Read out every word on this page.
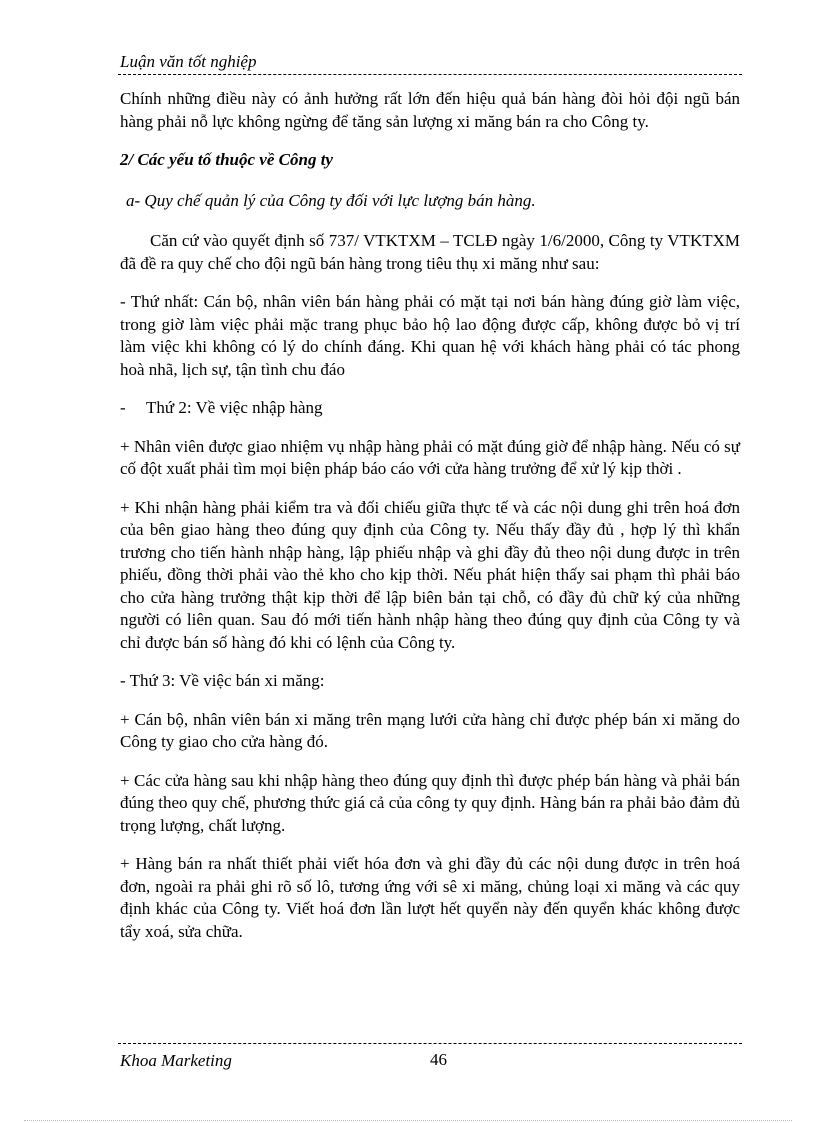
Luận văn tốt nghiệp

Chính những điều này có ảnh hưởng rất lớn đến hiệu quả bán hàng đòi hỏi đội ngũ bán hàng phải nỗ lực không ngừng để tăng sản lượng xi măng bán ra cho Công ty.

2/ Các yếu tố thuộc về Công ty

a- Quy chế quản lý của Công ty đối với lực lượng bán hàng.

Căn cứ vào quyết định số 737/ VTKTXM – TCLĐ ngày 1/6/2000, Công ty VTKTXM đã đề ra quy chế cho đội ngũ bán hàng trong tiêu thụ xi măng như sau:

- Thứ nhất: Cán bộ, nhân viên bán hàng phải có mặt tại nơi bán hàng đúng giờ làm việc, trong giờ làm việc phải mặc trang phục bảo hộ lao động được cấp, không được bỏ vị trí làm việc khi không có lý do chính đáng. Khi quan hệ với khách hàng phải có tác phong hoà nhã, lịch sự, tận tình chu đáo

-	Thứ 2: Về việc nhập hàng

+ Nhân viên được giao nhiệm vụ nhập hàng phải có mặt đúng giờ để nhập hàng. Nếu có sự cố đột xuất phải tìm mọi biện pháp báo cáo với cửa hàng trưởng để xử lý kịp thời .

+ Khi nhận hàng phải kiểm tra và đối chiếu giữa thực tế và các nội dung ghi trên hoá đơn của bên giao hàng theo đúng quy định của Công ty. Nếu thấy đầy đủ , hợp lý thì khẩn trương cho tiến hành nhập hàng, lập phiếu nhập và ghi đầy đủ theo nội dung được in trên phiếu, đồng thời phải vào thẻ kho cho kịp thời. Nếu phát hiện thấy sai phạm thì phải báo cho cửa hàng trưởng thật kịp thời để lập biên bản tại chỗ, có đầy đủ chữ ký của những người có liên quan. Sau đó mới tiến hành nhập hàng theo đúng quy định của Công ty và chỉ được bán số hàng đó khi có lệnh của Công ty.

- Thứ 3: Về việc bán xi măng:

+ Cán bộ, nhân viên bán xi măng trên mạng lưới cửa hàng chỉ được phép bán xi măng do Công ty giao cho cửa hàng đó.

+ Các cửa hàng sau khi nhập hàng theo đúng quy định thì được phép bán hàng và phải bán đúng theo quy chế, phương thức giá cả của công ty quy định. Hàng bán ra phải bảo đảm đủ trọng lượng, chất lượng.

+ Hàng bán ra nhất thiết phải viết hóa đơn và ghi đầy đủ các nội dung được in trên hoá đơn, ngoài ra phải ghi rõ số lô, tương ứng với sê xi măng, chủng loại xi măng và các quy định khác của Công ty. Viết hoá đơn lần lượt hết quyển này đến quyển khác không được tẩy xoá, sửa chữa.

Khoa Marketing	46
